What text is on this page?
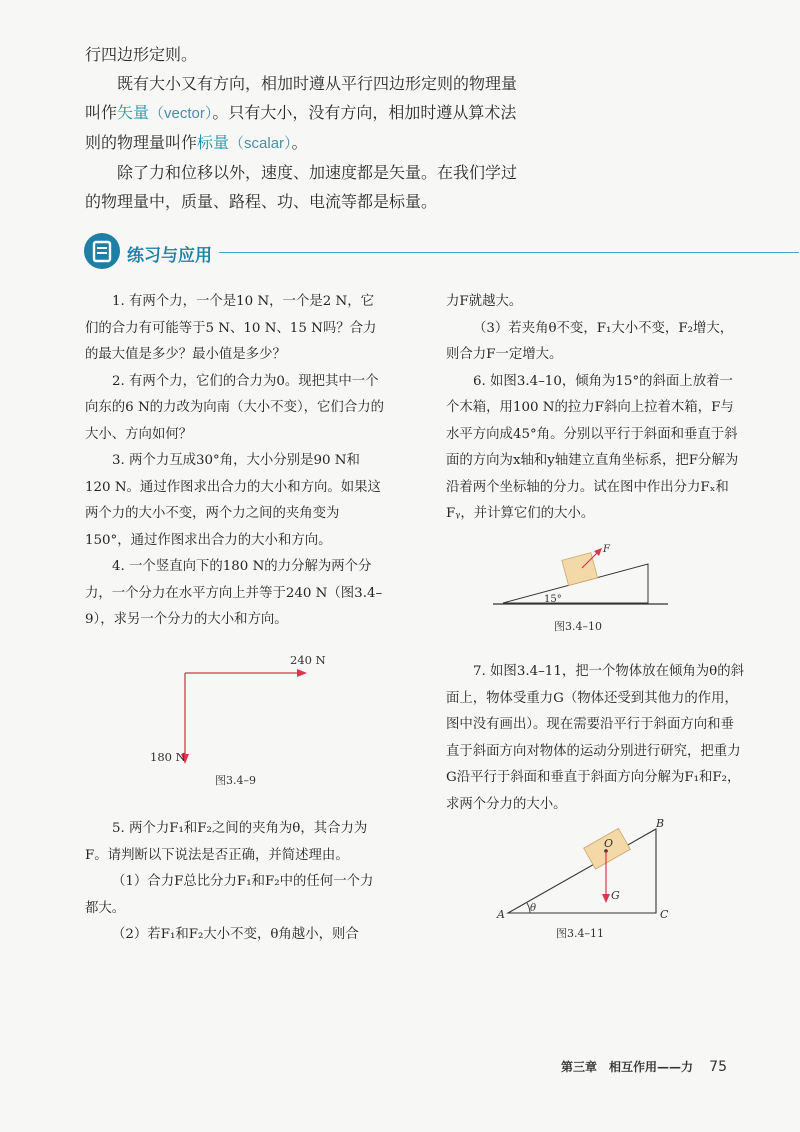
行四边形定则。

既有大小又有方向，相加时遵从平行四边形定则的物理量叫作矢量（vector）。只有大小，没有方向，相加时遵从算术法则的物理量叫作标量（scalar）。

除了力和位移以外，速度、加速度都是矢量。在我们学过的物理量中，质量、路程、功、电流等都是标量。

练习与应用

1. 有两个力，一个是10 N，一个是2 N，它们的合力有可能等于5 N、10 N、15 N吗？合力的最大值是多少？最小值是多少？

2. 有两个力，它们的合力为0。现把其中一个向东的6 N的力改为向南（大小不变），它们合力的大小、方向如何？

3. 两个力互成30°角，大小分别是90 N和120 N。通过作图求出合力的大小和方向。如果这两个力的大小不变，两个力之间的夹角变为150°，通过作图求出合力的大小和方向。

4. 一个竖直向下的180 N的力分解为两个分力，一个分力在水平方向上并等于240 N（图3.4–9），求另一个分力的大小和方向。

240 N
180 N
图3.4–9

5. 两个力F₁和F₂之间的夹角为θ，其合力为F。请判断以下说法是否正确，并简述理由。

（1）合力F总比分力F₁和F₂中的任何一个力都大。

（2）若F₁和F₂大小不变，θ角越小，则合

力F就越大。

（3）若夹角θ不变，F₁大小不变，F₂增大，则合力F一定增大。

6. 如图3.4–10，倾角为15°的斜面上放着一个木箱，用100 N的拉力F斜向上拉着木箱，F与水平方向成45°角。分别以平行于斜面和垂直于斜面的方向为x轴和y轴建立直角坐标系，把F分解为沿着两个坐标轴的分力。试在图中作出分力Fₓ和Fᵧ，并计算它们的大小。

F
15°
图3.4–10

7. 如图3.4–11，把一个物体放在倾角为θ的斜面上，物体受重力G（物体还受到其他力的作用，图中没有画出）。现在需要沿平行于斜面方向和垂直于斜面方向对物体的运动分别进行研究，把重力G沿平行于斜面和垂直于斜面方向分解为F₁和F₂，求两个分力的大小。

O
G
A
B
C
θ
图3.4–11
第三章　相互作用——力 75
